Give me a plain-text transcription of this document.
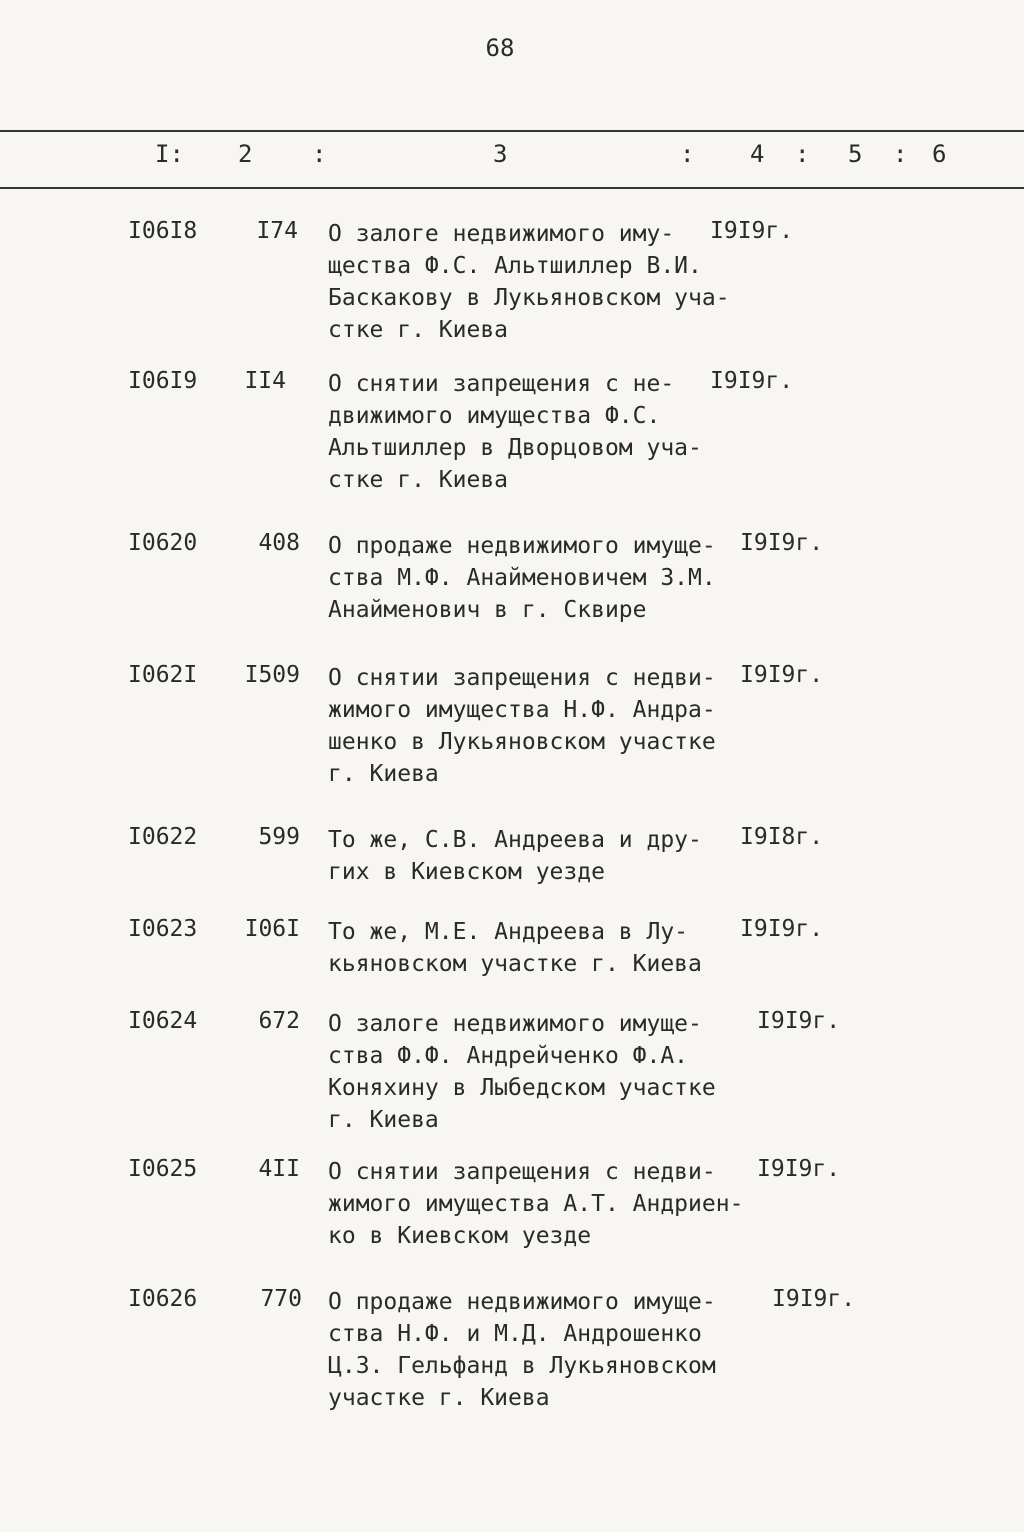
68
I: 2 :	3	: 4 : 5 : 6
I06I8	I74 О залоге недвижимого иму-
щества Ф.С. Альтшиллер В.И.
Баскакову в Лукьяновском уча-
стке г. Киева
I9I9г.
I06I9	II4 О снятии запрещения с не-
движимого имущества Ф.С.
Альтшиллер в Дворцовом уча-
стке г. Киева
I9I9г.
I0620	408 О продаже недвижимого имуще-
ства М.Ф. Анайменовичем З.М.
Анайменович в г. Сквире
I9I9г.
I062I I509 О снятии запрещения с недви-
жимого имущества Н.Ф. Андра-
шенко в Лукьяновском участке
г. Киева
I9I9г.
I0622	599 То же, С.В. Андреева и дру-
гих в Киевском уезде
I9I8г.
I0623 I06I То же, М.Е. Андреева в Лу-
кьяновском участке г. Киева
I9I9г.
I0624	672 О залоге недвижимого имуще-
ства Ф.Ф. Андрейченко Ф.А.
Коняхину в Лыбедском участке
г. Киева
I9I9г.
I0625	4II О снятии запрещения с недви-
жимого имущества А.Т. Андриен-
ко в Киевском уезде
I9I9г.
I0626	770 О продаже недвижимого имуще-
ства Н.Ф. и М.Д. Андрошенко
Ц.З. Гельфанд в Лукьяновском
участке г. Киева
I9I9г.
